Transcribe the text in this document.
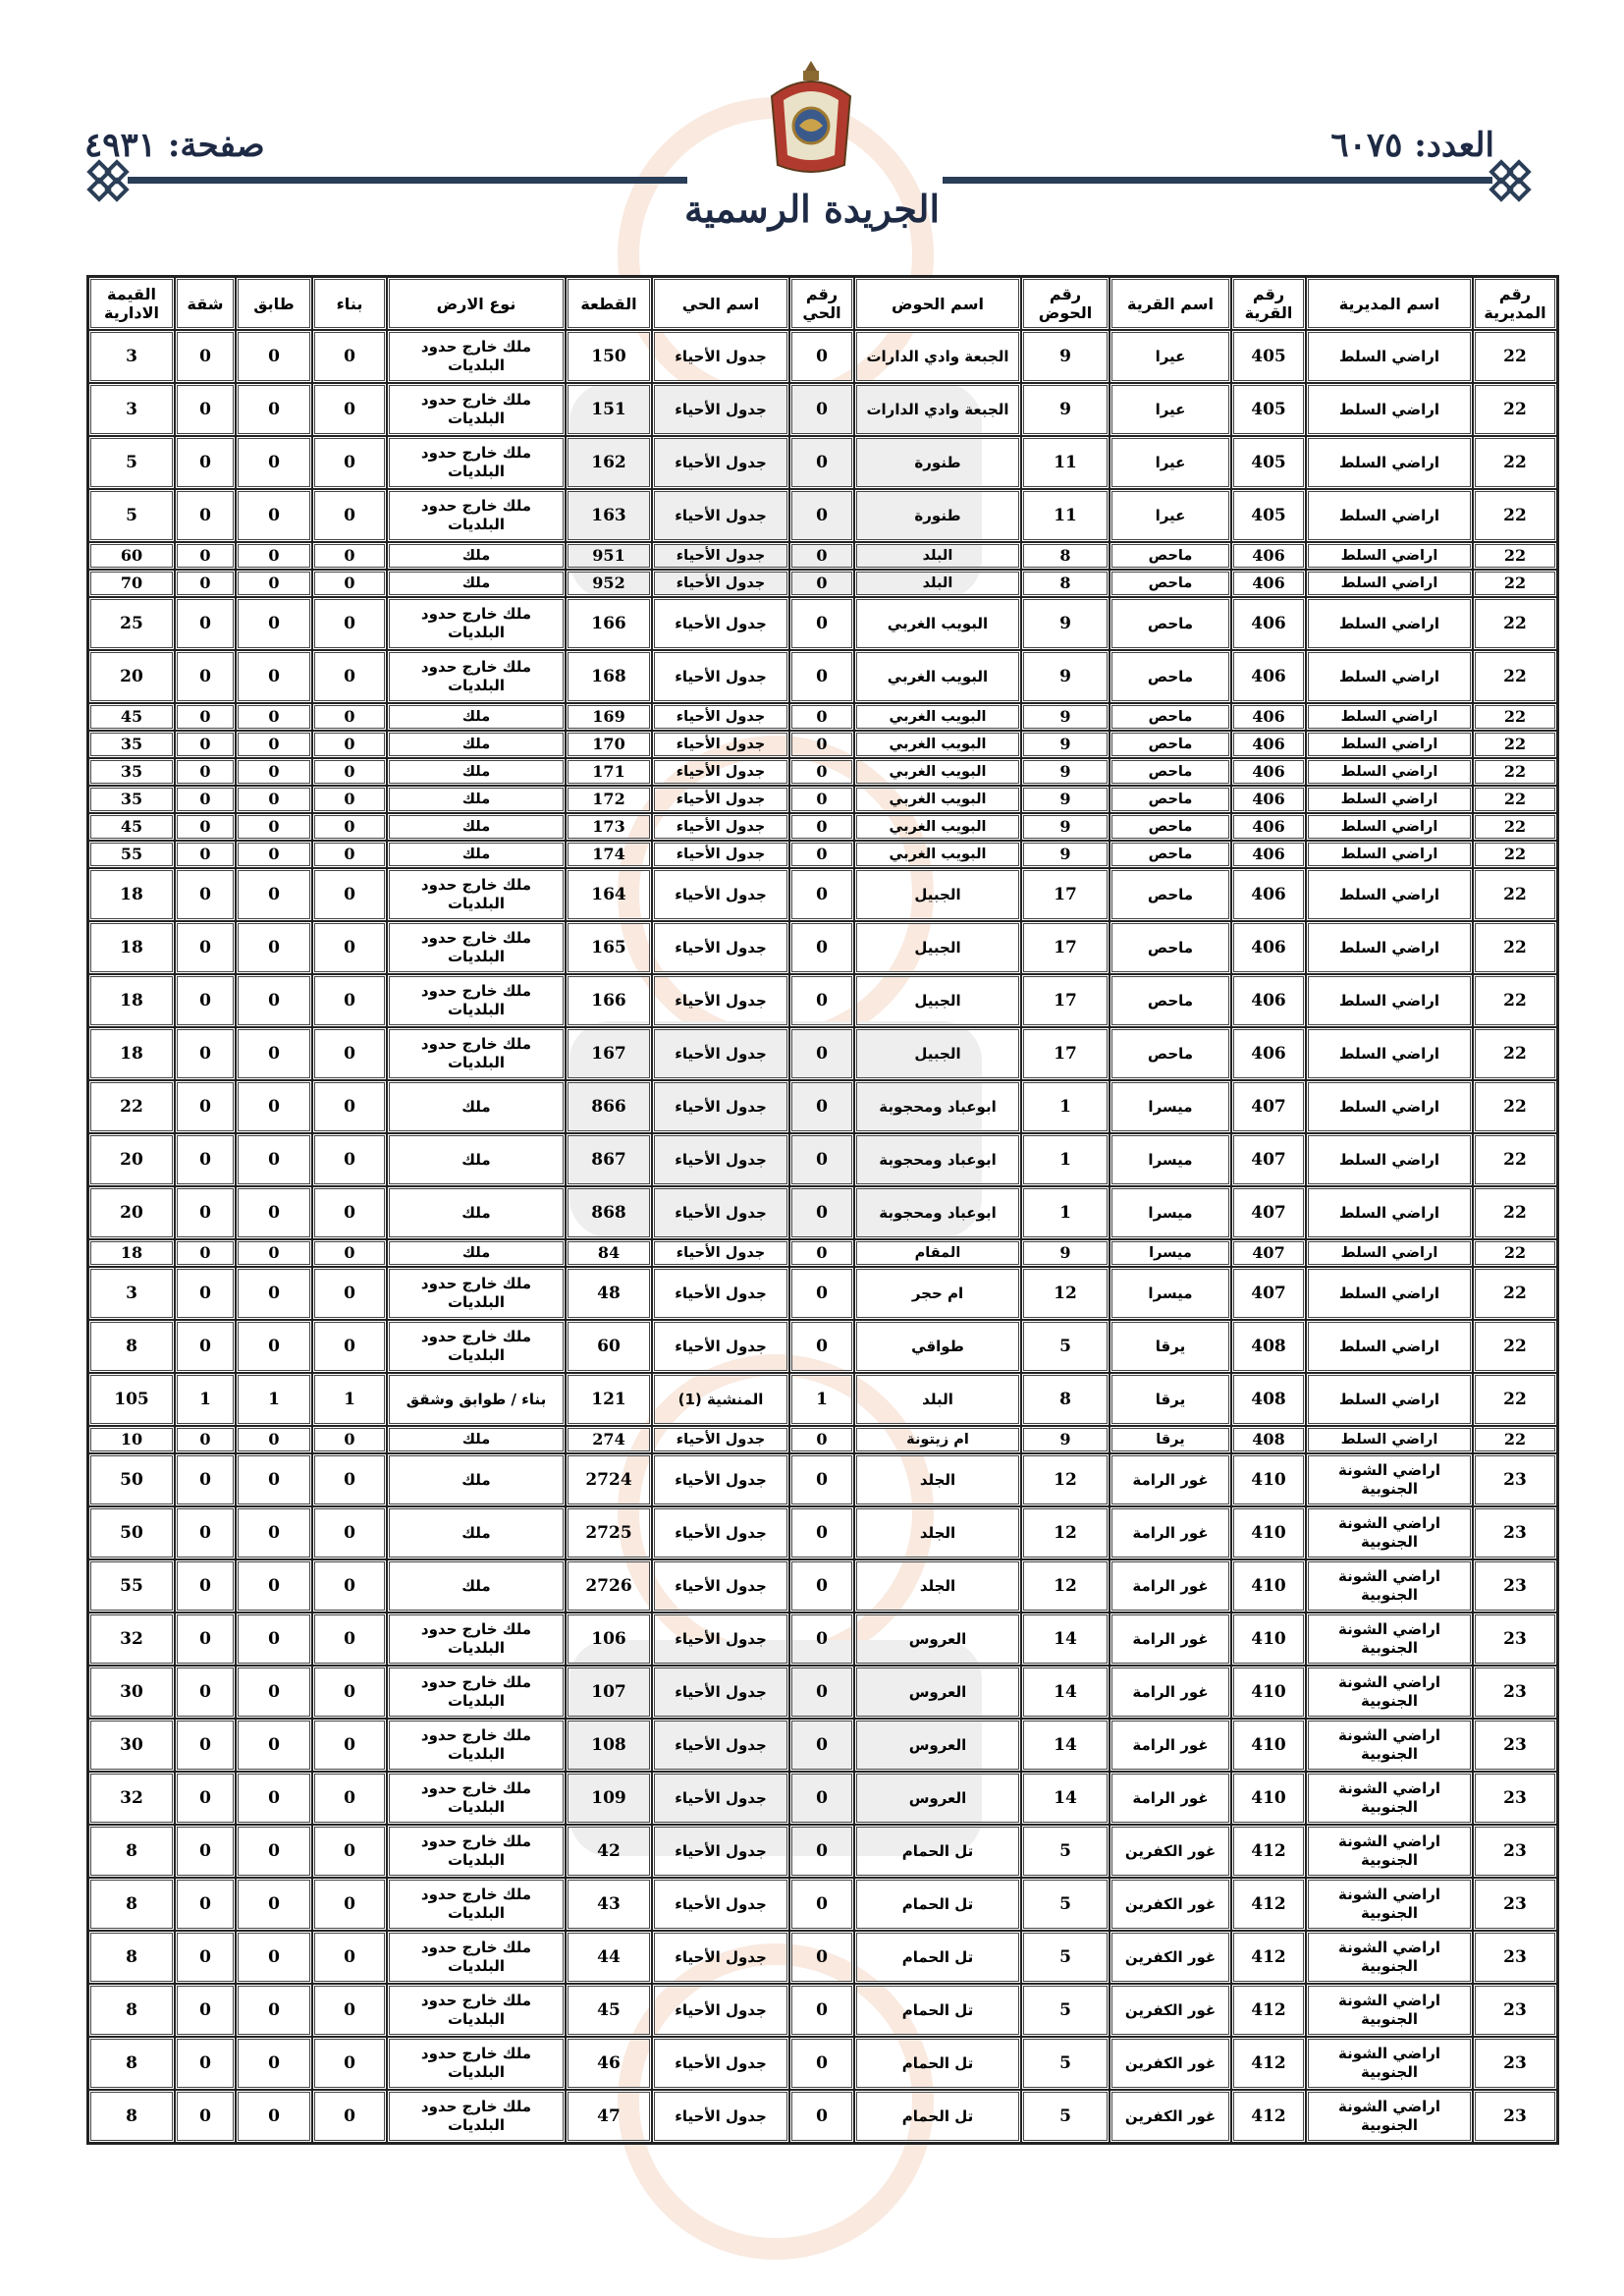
العدد: ٦٠٧٥
صفحة: ٤٩٣١
الجريدة الرسمية
رقم المديرية	اسم المديرية	رقم القرية	اسم القرية	رقم الحوض	اسم الحوض	رقم الحي	اسم الحي	القطعة	نوع الارض	بناء	طابق	شقة	القيمة الادارية
22	اراضي السلط	405	عيرا	9	الجبعة وادي الدارات	0	جدول الأحياء	150	ملك خارج حدود البلديات	0	0	0	3
22	اراضي السلط	405	عيرا	9	الجبعة وادي الدارات	0	جدول الأحياء	151	ملك خارج حدود البلديات	0	0	0	3
22	اراضي السلط	405	عيرا	11	طنورة	0	جدول الأحياء	162	ملك خارج حدود البلديات	0	0	0	5
22	اراضي السلط	405	عيرا	11	طنورة	0	جدول الأحياء	163	ملك خارج حدود البلديات	0	0	0	5
22	اراضي السلط	406	ماحص	8	البلد	0	جدول الأحياء	951	ملك	0	0	0	60
22	اراضي السلط	406	ماحص	8	البلد	0	جدول الأحياء	952	ملك	0	0	0	70
22	اراضي السلط	406	ماحص	9	البويب الغربي	0	جدول الأحياء	166	ملك خارج حدود البلديات	0	0	0	25
22	اراضي السلط	406	ماحص	9	البويب الغربي	0	جدول الأحياء	168	ملك خارج حدود البلديات	0	0	0	20
22	اراضي السلط	406	ماحص	9	البويب الغربي	0	جدول الأحياء	169	ملك	0	0	0	45
22	اراضي السلط	406	ماحص	9	البويب الغربي	0	جدول الأحياء	170	ملك	0	0	0	35
22	اراضي السلط	406	ماحص	9	البويب الغربي	0	جدول الأحياء	171	ملك	0	0	0	35
22	اراضي السلط	406	ماحص	9	البويب الغربي	0	جدول الأحياء	172	ملك	0	0	0	35
22	اراضي السلط	406	ماحص	9	البويب الغربي	0	جدول الأحياء	173	ملك	0	0	0	45
22	اراضي السلط	406	ماحص	9	البويب الغربي	0	جدول الأحياء	174	ملك	0	0	0	55
22	اراضي السلط	406	ماحص	17	الجبيل	0	جدول الأحياء	164	ملك خارج حدود البلديات	0	0	0	18
22	اراضي السلط	406	ماحص	17	الجبيل	0	جدول الأحياء	165	ملك خارج حدود البلديات	0	0	0	18
22	اراضي السلط	406	ماحص	17	الجبيل	0	جدول الأحياء	166	ملك خارج حدود البلديات	0	0	0	18
22	اراضي السلط	406	ماحص	17	الجبيل	0	جدول الأحياء	167	ملك خارج حدود البلديات	0	0	0	18
22	اراضي السلط	407	ميسرا	1	ابوعباد ومحجوبة	0	جدول الأحياء	866	ملك	0	0	0	22
22	اراضي السلط	407	ميسرا	1	ابوعباد ومحجوبة	0	جدول الأحياء	867	ملك	0	0	0	20
22	اراضي السلط	407	ميسرا	1	ابوعباد ومحجوبة	0	جدول الأحياء	868	ملك	0	0	0	20
22	اراضي السلط	407	ميسرا	9	المقام	0	جدول الأحياء	84	ملك	0	0	0	18
22	اراضي السلط	407	ميسرا	12	ام حجر	0	جدول الأحياء	48	ملك خارج حدود البلديات	0	0	0	3
22	اراضي السلط	408	يرقا	5	طواقي	0	جدول الأحياء	60	ملك خارج حدود البلديات	0	0	0	8
22	اراضي السلط	408	يرقا	8	البلد	1	المنشية (1)	121	بناء / طوابق وشقق	1	1	1	105
22	اراضي السلط	408	يرقا	9	ام زيتونة	0	جدول الأحياء	274	ملك	0	0	0	10
23	اراضي الشونة الجنوبية	410	غور الرامة	12	الجلد	0	جدول الأحياء	2724	ملك	0	0	0	50
23	اراضي الشونة الجنوبية	410	غور الرامة	12	الجلد	0	جدول الأحياء	2725	ملك	0	0	0	50
23	اراضي الشونة الجنوبية	410	غور الرامة	12	الجلد	0	جدول الأحياء	2726	ملك	0	0	0	55
23	اراضي الشونة الجنوبية	410	غور الرامة	14	العروس	0	جدول الأحياء	106	ملك خارج حدود البلديات	0	0	0	32
23	اراضي الشونة الجنوبية	410	غور الرامة	14	العروس	0	جدول الأحياء	107	ملك خارج حدود البلديات	0	0	0	30
23	اراضي الشونة الجنوبية	410	غور الرامة	14	العروس	0	جدول الأحياء	108	ملك خارج حدود البلديات	0	0	0	30
23	اراضي الشونة الجنوبية	410	غور الرامة	14	العروس	0	جدول الأحياء	109	ملك خارج حدود البلديات	0	0	0	32
23	اراضي الشونة الجنوبية	412	غور الكفرين	5	تل الحمام	0	جدول الأحياء	42	ملك خارج حدود البلديات	0	0	0	8
23	اراضي الشونة الجنوبية	412	غور الكفرين	5	تل الحمام	0	جدول الأحياء	43	ملك خارج حدود البلديات	0	0	0	8
23	اراضي الشونة الجنوبية	412	غور الكفرين	5	تل الحمام	0	جدول الأحياء	44	ملك خارج حدود البلديات	0	0	0	8
23	اراضي الشونة الجنوبية	412	غور الكفرين	5	تل الحمام	0	جدول الأحياء	45	ملك خارج حدود البلديات	0	0	0	8
23	اراضي الشونة الجنوبية	412	غور الكفرين	5	تل الحمام	0	جدول الأحياء	46	ملك خارج حدود البلديات	0	0	0	8
23	اراضي الشونة الجنوبية	412	غور الكفرين	5	تل الحمام	0	جدول الأحياء	47	ملك خارج حدود البلديات	0	0	0	8
